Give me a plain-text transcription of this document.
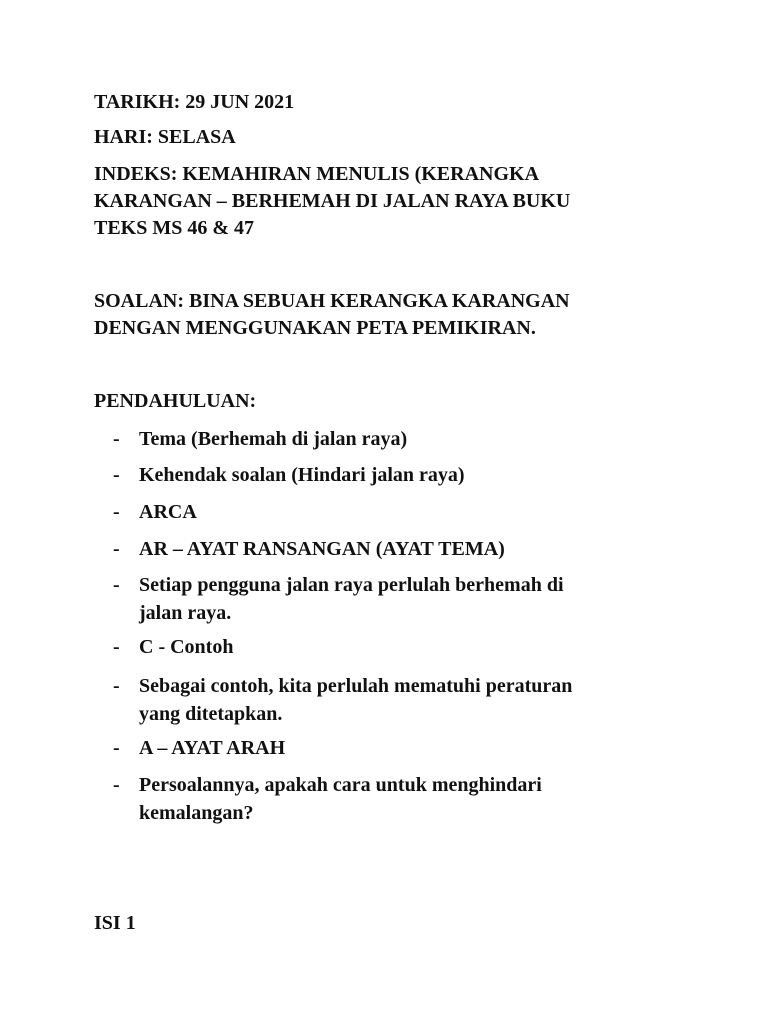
TARIKH: 29 JUN 2021
HARI: SELASA
INDEKS: KEMAHIRAN MENULIS (KERANGKA
KARANGAN – BERHEMAH DI JALAN RAYA BUKU
TEKS MS 46 & 47
SOALAN: BINA SEBUAH KERANGKA KARANGAN
DENGAN MENGGUNAKAN PETA PEMIKIRAN.
PENDAHULUAN:
- Tema (Berhemah di jalan raya)
- Kehendak soalan (Hindari jalan raya)
- ARCA
- AR – AYAT RANSANGAN (AYAT TEMA)
- Setiap pengguna jalan raya perlulah berhemah di
jalan raya.
- C - Contoh
- Sebagai contoh, kita perlulah mematuhi peraturan
yang ditetapkan.
- A – AYAT ARAH
- Persoalannya, apakah cara untuk menghindari
kemalangan?
ISI 1
